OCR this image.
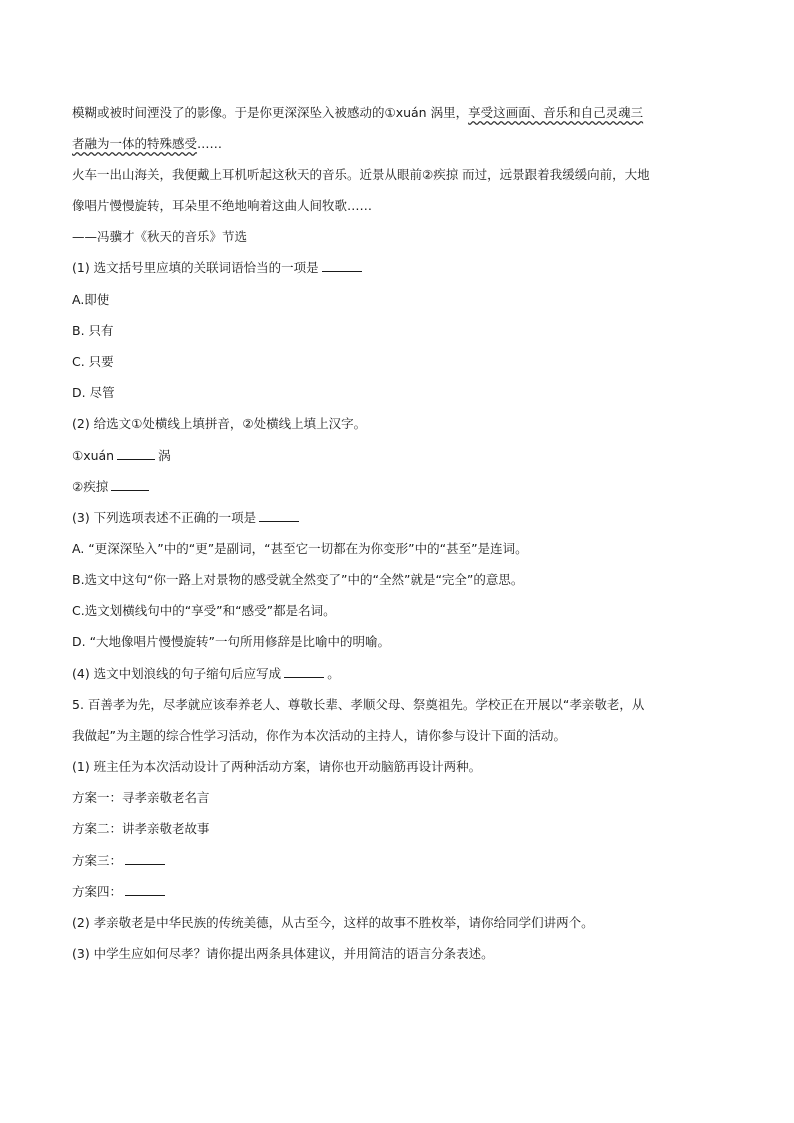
模糊或被时间湮没了的影像。于是你更深深坠入被感动的①xuán 涡里，享受这画面、音乐和自己灵魂三
者融为一体的特殊感受……
火车一出山海关，我便戴上耳机听起这秋天的音乐。近景从眼前②疾掠 而过，远景跟着我缓缓向前，大地
像唱片慢慢旋转，耳朵里不绝地响着这曲人间牧歌……
——冯骥才《秋天的音乐》节选
(1) 选文括号里应填的关联词语恰当的一项是
A.即使
B. 只有
C. 只要
D. 尽管
(2) 给选文①处横线上填拼音，②处横线上填上汉字。
①xuán	涡
②疾掠
(3) 下列选项表述不正确的一项是
A. “更深深坠入”中的“更”是副词，“甚至它一切都在为你变形”中的“甚至”是连词。
B.选文中这句“你一路上对景物的感受就全然变了”中的“全然”就是“完全”的意思。
C.选文划横线句中的“享受”和“感受”都是名词。
D. “大地像唱片慢慢旋转”一句所用修辞是比喻中的明喻。
(4) 选文中划浪线的句子缩句后应写成	。
5. 百善孝为先，尽孝就应该奉养老人、尊敬长辈、孝顺父母、祭奠祖先。学校正在开展以“孝亲敬老，从
我做起”为主题的综合性学习活动，你作为本次活动的主持人，请你参与设计下面的活动。
(1) 班主任为本次活动设计了两种活动方案，请你也开动脑筋再设计两种。
方案一：寻孝亲敬老名言
方案二：讲孝亲敬老故事
方案三：
方案四：
(2) 孝亲敬老是中华民族的传统美德，从古至今，这样的故事不胜枚举，请你给同学们讲两个。
(3) 中学生应如何尽孝？请你提出两条具体建议，并用简洁的语言分条表述。
